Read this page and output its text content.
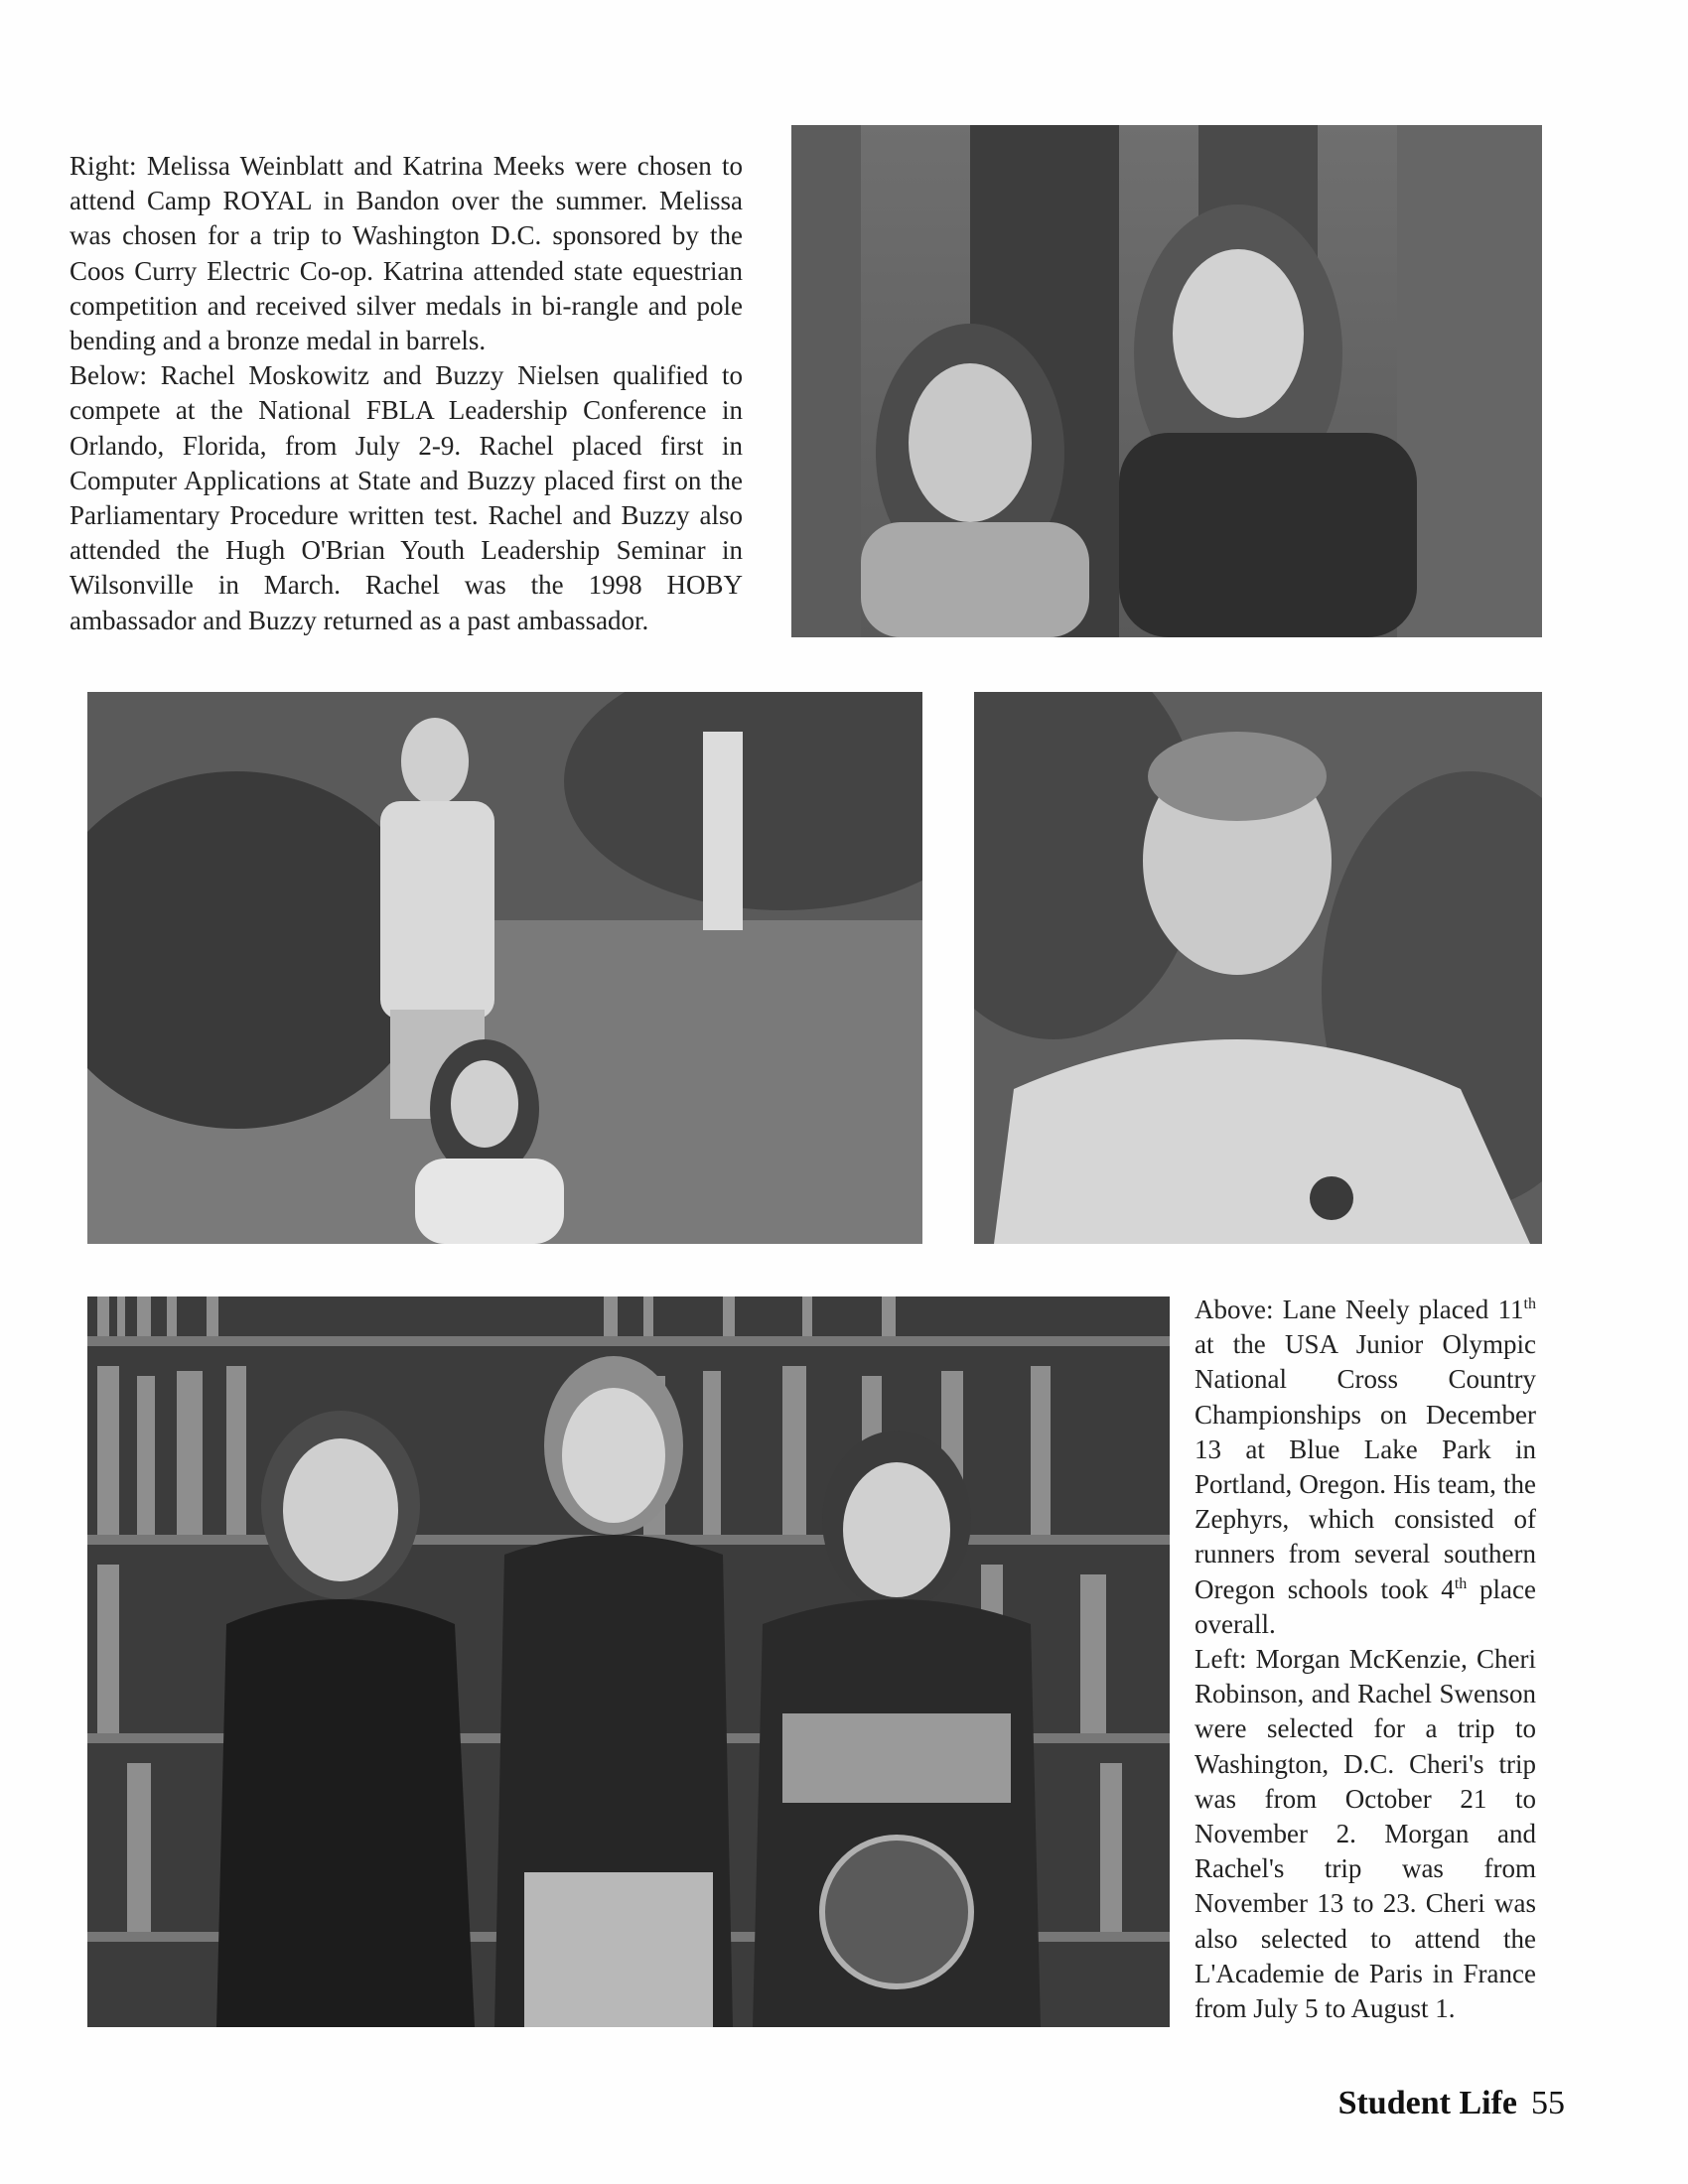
Right: Melissa Weinblatt and Katrina Meeks were chosen to attend Camp ROYAL in Bandon over the summer. Melissa was chosen for a trip to Washington D.C. sponsored by the Coos Curry Electric Co-op. Katrina attended state equestrian competition and received silver medals in bi-rangle and pole bending and a bronze medal in barrels.

Below: Rachel Moskowitz and Buzzy Nielsen qualified to compete at the National FBLA Leadership Conference in Orlando, Florida, from July 2-9. Rachel placed first in Computer Applications at State and Buzzy placed first on the Parliamentary Procedure written test. Rachel and Buzzy also attended the Hugh O'Brian Youth Leadership Seminar in Wilsonville in March. Rachel was the 1998 HOBY ambassador and Buzzy returned as a past ambassador.

Above: Lane Neely placed 11th at the USA Junior Olympic National Cross Country Championships on December 13 at Blue Lake Park in Portland, Oregon. His team, the Zephyrs, which consisted of runners from several southern Oregon schools took 4th place overall.

Left: Morgan McKenzie, Cheri Robinson, and Rachel Swenson were selected for a trip to Washington, D.C. Cheri's trip was from October 21 to November 2. Morgan and Rachel's trip was from November 13 to 23. Cheri was also selected to attend the L'Academie de Paris in France from July 5 to August 1.

Student Life 55
